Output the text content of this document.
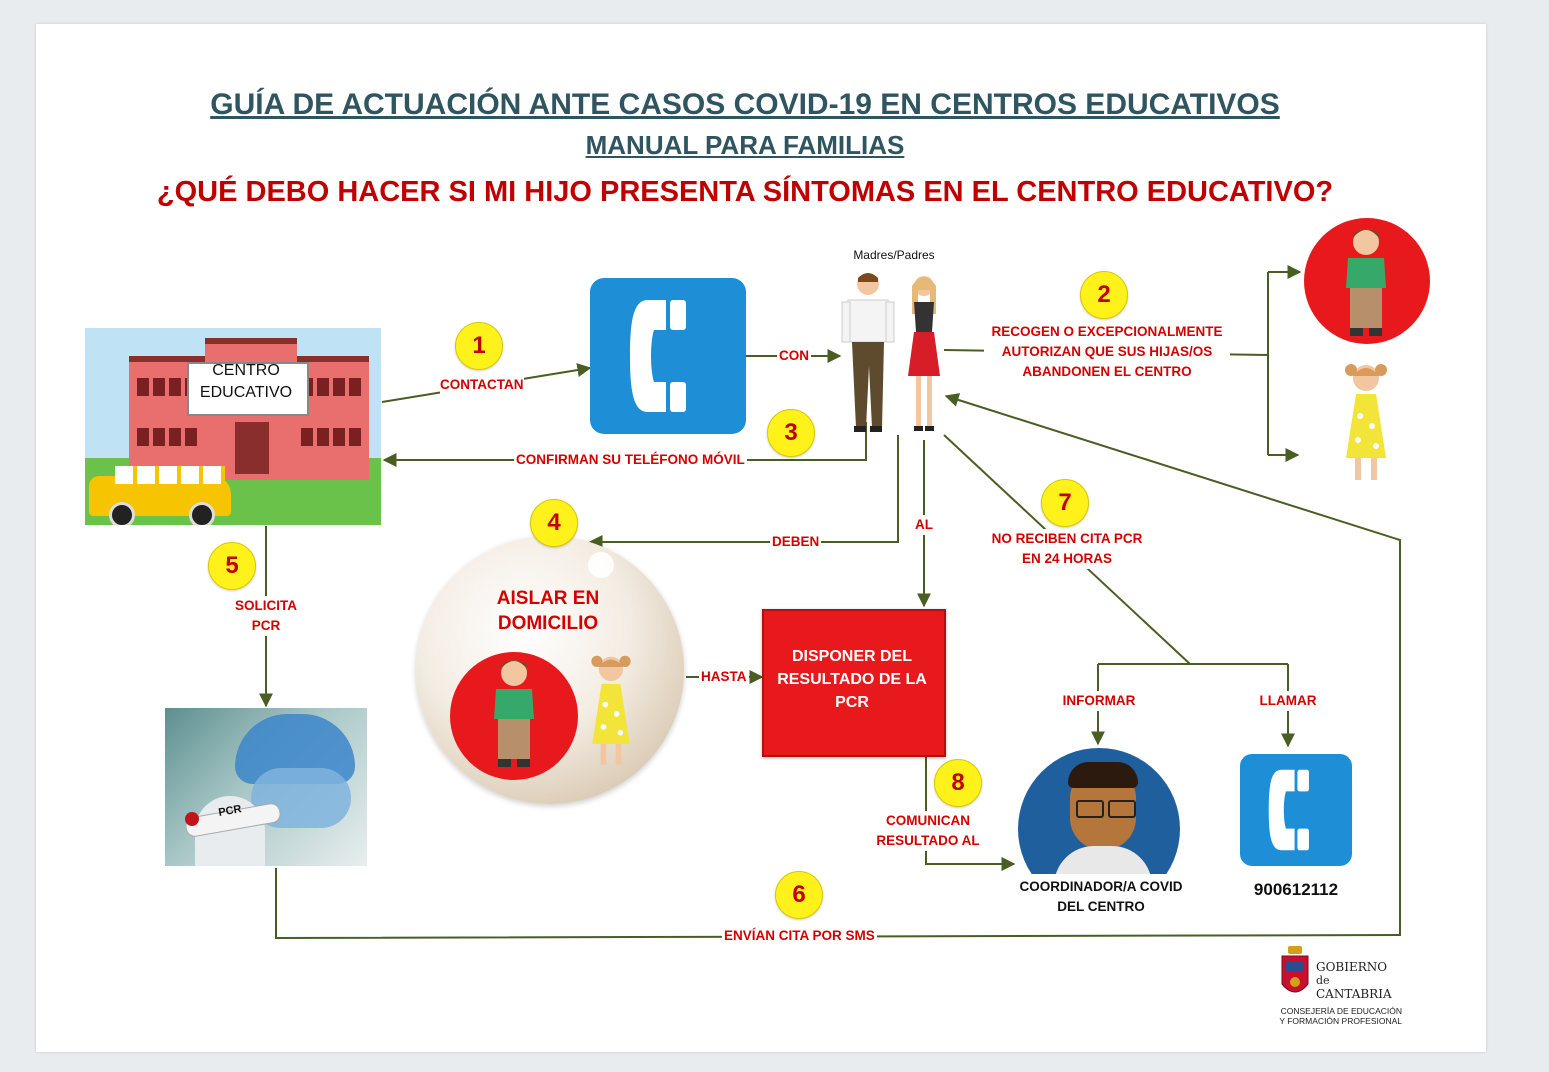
GUÍA DE ACTUACIÓN ANTE CASOS COVID-19 EN CENTROS EDUCATIVOS
MANUAL PARA FAMILIAS
¿QUÉ DEBO HACER SI MI HIJO PRESENTA SÍNTOMAS EN EL CENTRO EDUCATIVO?
CENTRO
EDUCATIVO
Madres/Padres
AISLAR EN
DOMICILIO
DISPONER DEL
RESULTADO DE LA
PCR
PCR
COORDINADOR/A COVID
DEL CENTRO
900612112
1
2
3
4
5
6
7
8
CONTACTAN
CON
RECOGEN O EXCEPCIONALMENTE
AUTORIZAN QUE SUS HIJAS/OS
ABANDONEN EL CENTRO
CONFIRMAN SU TELÉFONO MÓVIL
DEBEN
AL
NO RECIBEN CITA PCR
EN 24 HORAS
SOLICITA
PCR
HASTA
INFORMAR	LLAMAR
COMUNICAN
RESULTADO AL
ENVÍAN CITA POR SMS
GOBIERNO
de
CANTABRIA
CONSEJERÍA DE EDUCACIÓN
Y FORMACIÓN PROFESIONAL
